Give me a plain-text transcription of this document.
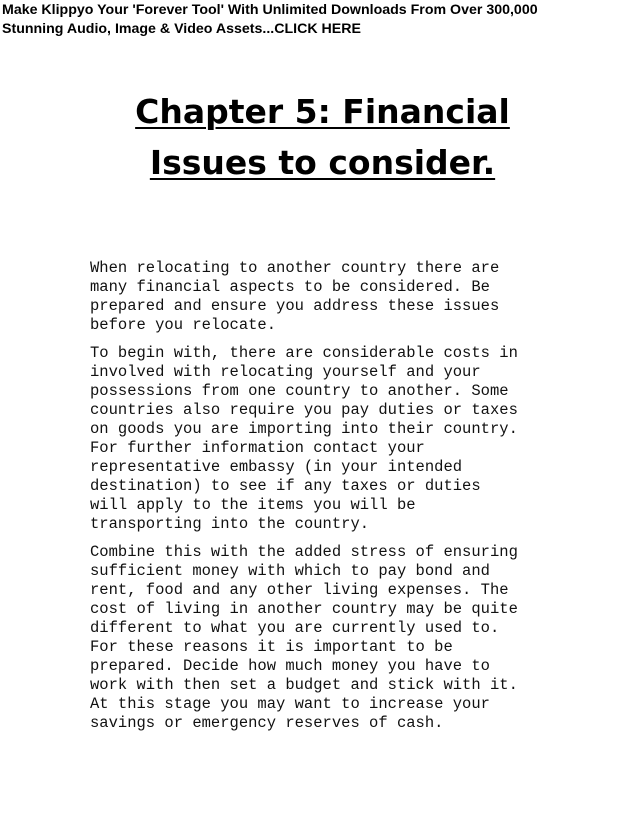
Make Klippyo Your 'Forever Tool' With Unlimited Downloads From Over 300,000
Stunning Audio, Image & Video Assets...CLICK HERE
Chapter 5: Financial
Issues to consider.

When relocating to another country there are
many financial aspects to be considered. Be
prepared and ensure you address these issues
before you relocate.

To begin with, there are considerable costs in
involved with relocating yourself and your
possessions from one country to another. Some
countries also require you pay duties or taxes
on goods you are importing into their country.
For further information contact your
representative embassy (in your intended
destination) to see if any taxes or duties
will apply to the items you will be
transporting into the country.

Combine this with the added stress of ensuring
sufficient money with which to pay bond and
rent, food and any other living expenses. The
cost of living in another country may be quite
different to what you are currently used to.
For these reasons it is important to be
prepared. Decide how much money you have to
work with then set a budget and stick with it.
At this stage you may want to increase your
savings or emergency reserves of cash.
